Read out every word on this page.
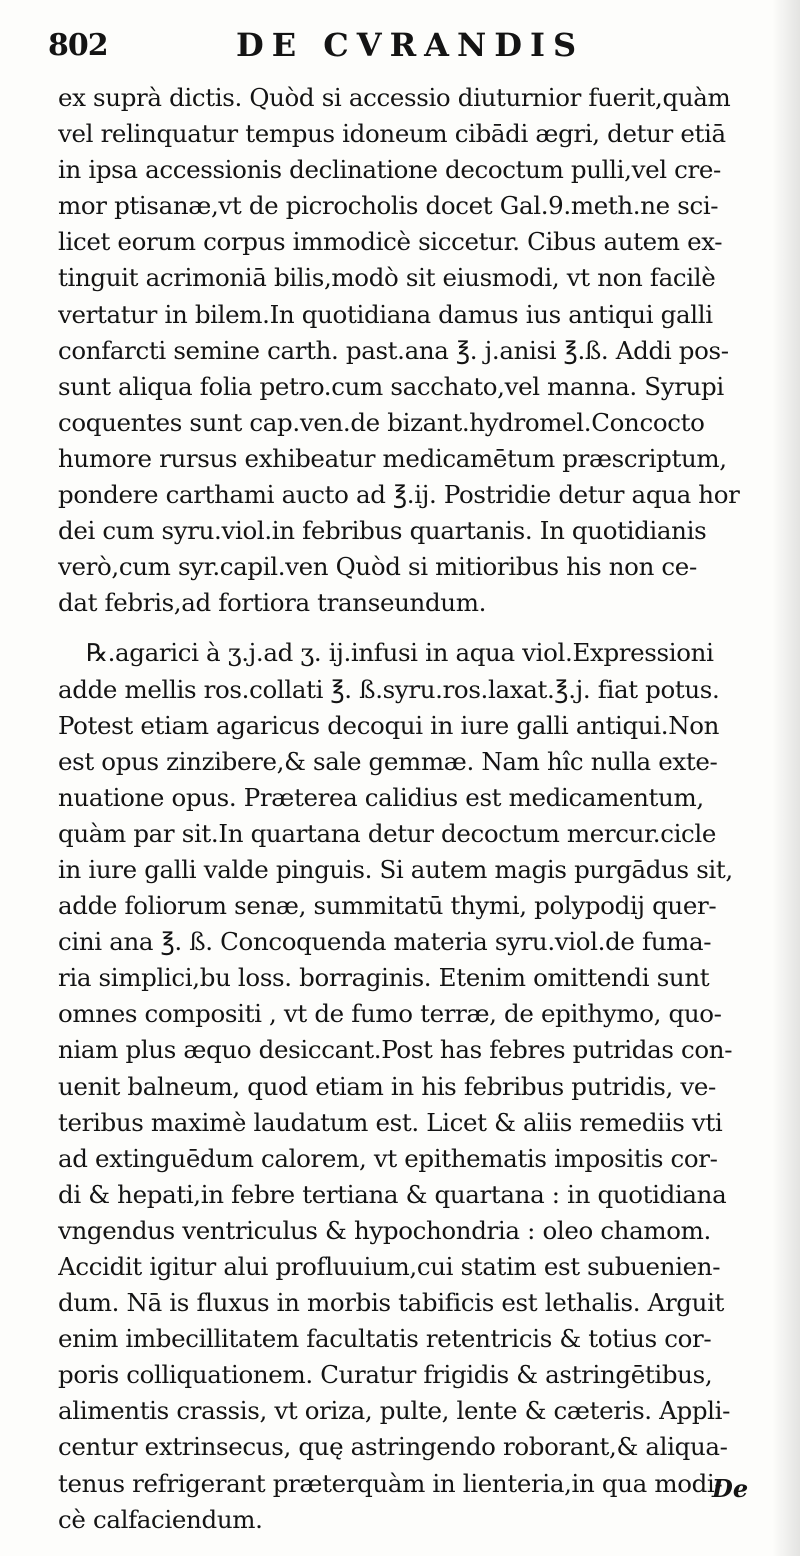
802	DE CVRANDIS
ex suprà dictis. Quòd si accessio diuturnior fuerit,quàm
vel relinquatur tempus idoneum cibādi ægri, detur etiā
in ipsa accessionis declinatione decoctum pulli,vel cre-
mor ptisanæ,vt de picrocholis docet Gal.9.meth.ne sci-
licet eorum corpus immodicè siccetur. Cibus autem ex-
tinguit acrimoniā bilis,modò sit eiusmodi, vt non facilè
vertatur in bilem.In quotidiana damus ius antiqui galli
confarcti semine carth. past.ana ℥. j.anisi ℥.ß. Addi pos-
sunt aliqua folia petro.cum sacchato,vel manna. Syrupi
coquentes sunt cap.ven.de bizant.hydromel.Concocto
humore rursus exhibeatur medicamētum præscriptum,
pondere carthami aucto ad ℥.ij. Postridie detur aqua hor
dei cum syru.viol.in febribus quartanis. In quotidianis
verò,cum syr.capil.ven Quòd si mitioribus his non ce-
dat febris,ad fortiora transeundum.
℞.agarici à ʒ.j.ad ʒ. ij.infusi in aqua viol.Expressioni
adde mellis ros.collati ℥. ß.syru.ros.laxat.℥.j. fiat potus.
Potest etiam agaricus decoqui in iure galli antiqui.Non
est opus zinzibere,& sale gemmæ. Nam hîc nulla exte-
nuatione opus. Præterea calidius est medicamentum,
quàm par sit.In quartana detur decoctum mercur.cicle
in iure galli valde pinguis. Si autem magis purgādus sit,
adde foliorum senæ, summitatū thymi, polypodij quer-
cini ana ℥. ß. Concoquenda materia syru.viol.de fuma-
ria simplici,bu loss. borraginis. Etenim omittendi sunt
omnes compositi , vt de fumo terræ, de epithymo, quo-
niam plus æquo desiccant.Post has febres putridas con-
uenit balneum, quod etiam in his febribus putridis, ve-
teribus maximè laudatum est. Licet & aliis remediis vti
ad extinguēdum calorem, vt epithematis impositis cor-
di & hepati,in febre tertiana & quartana : in quotidiana
vngendus ventriculus & hypochondria : oleo chamom.
Accidit igitur alui profluuium,cui statim est subuenien-
dum. Nā is fluxus in morbis tabificis est lethalis. Arguit
enim imbecillitatem facultatis retentricis & totius cor-
poris colliquationem. Curatur frigidis & astringētibus,
alimentis crassis, vt oriza, pulte, lente & cæteris. Appli-
centur extrinsecus, quę astringendo roborant,& aliqua-
tenus refrigerant præterquàm in lienteria,in qua modi-
cè calfaciendum.
De
